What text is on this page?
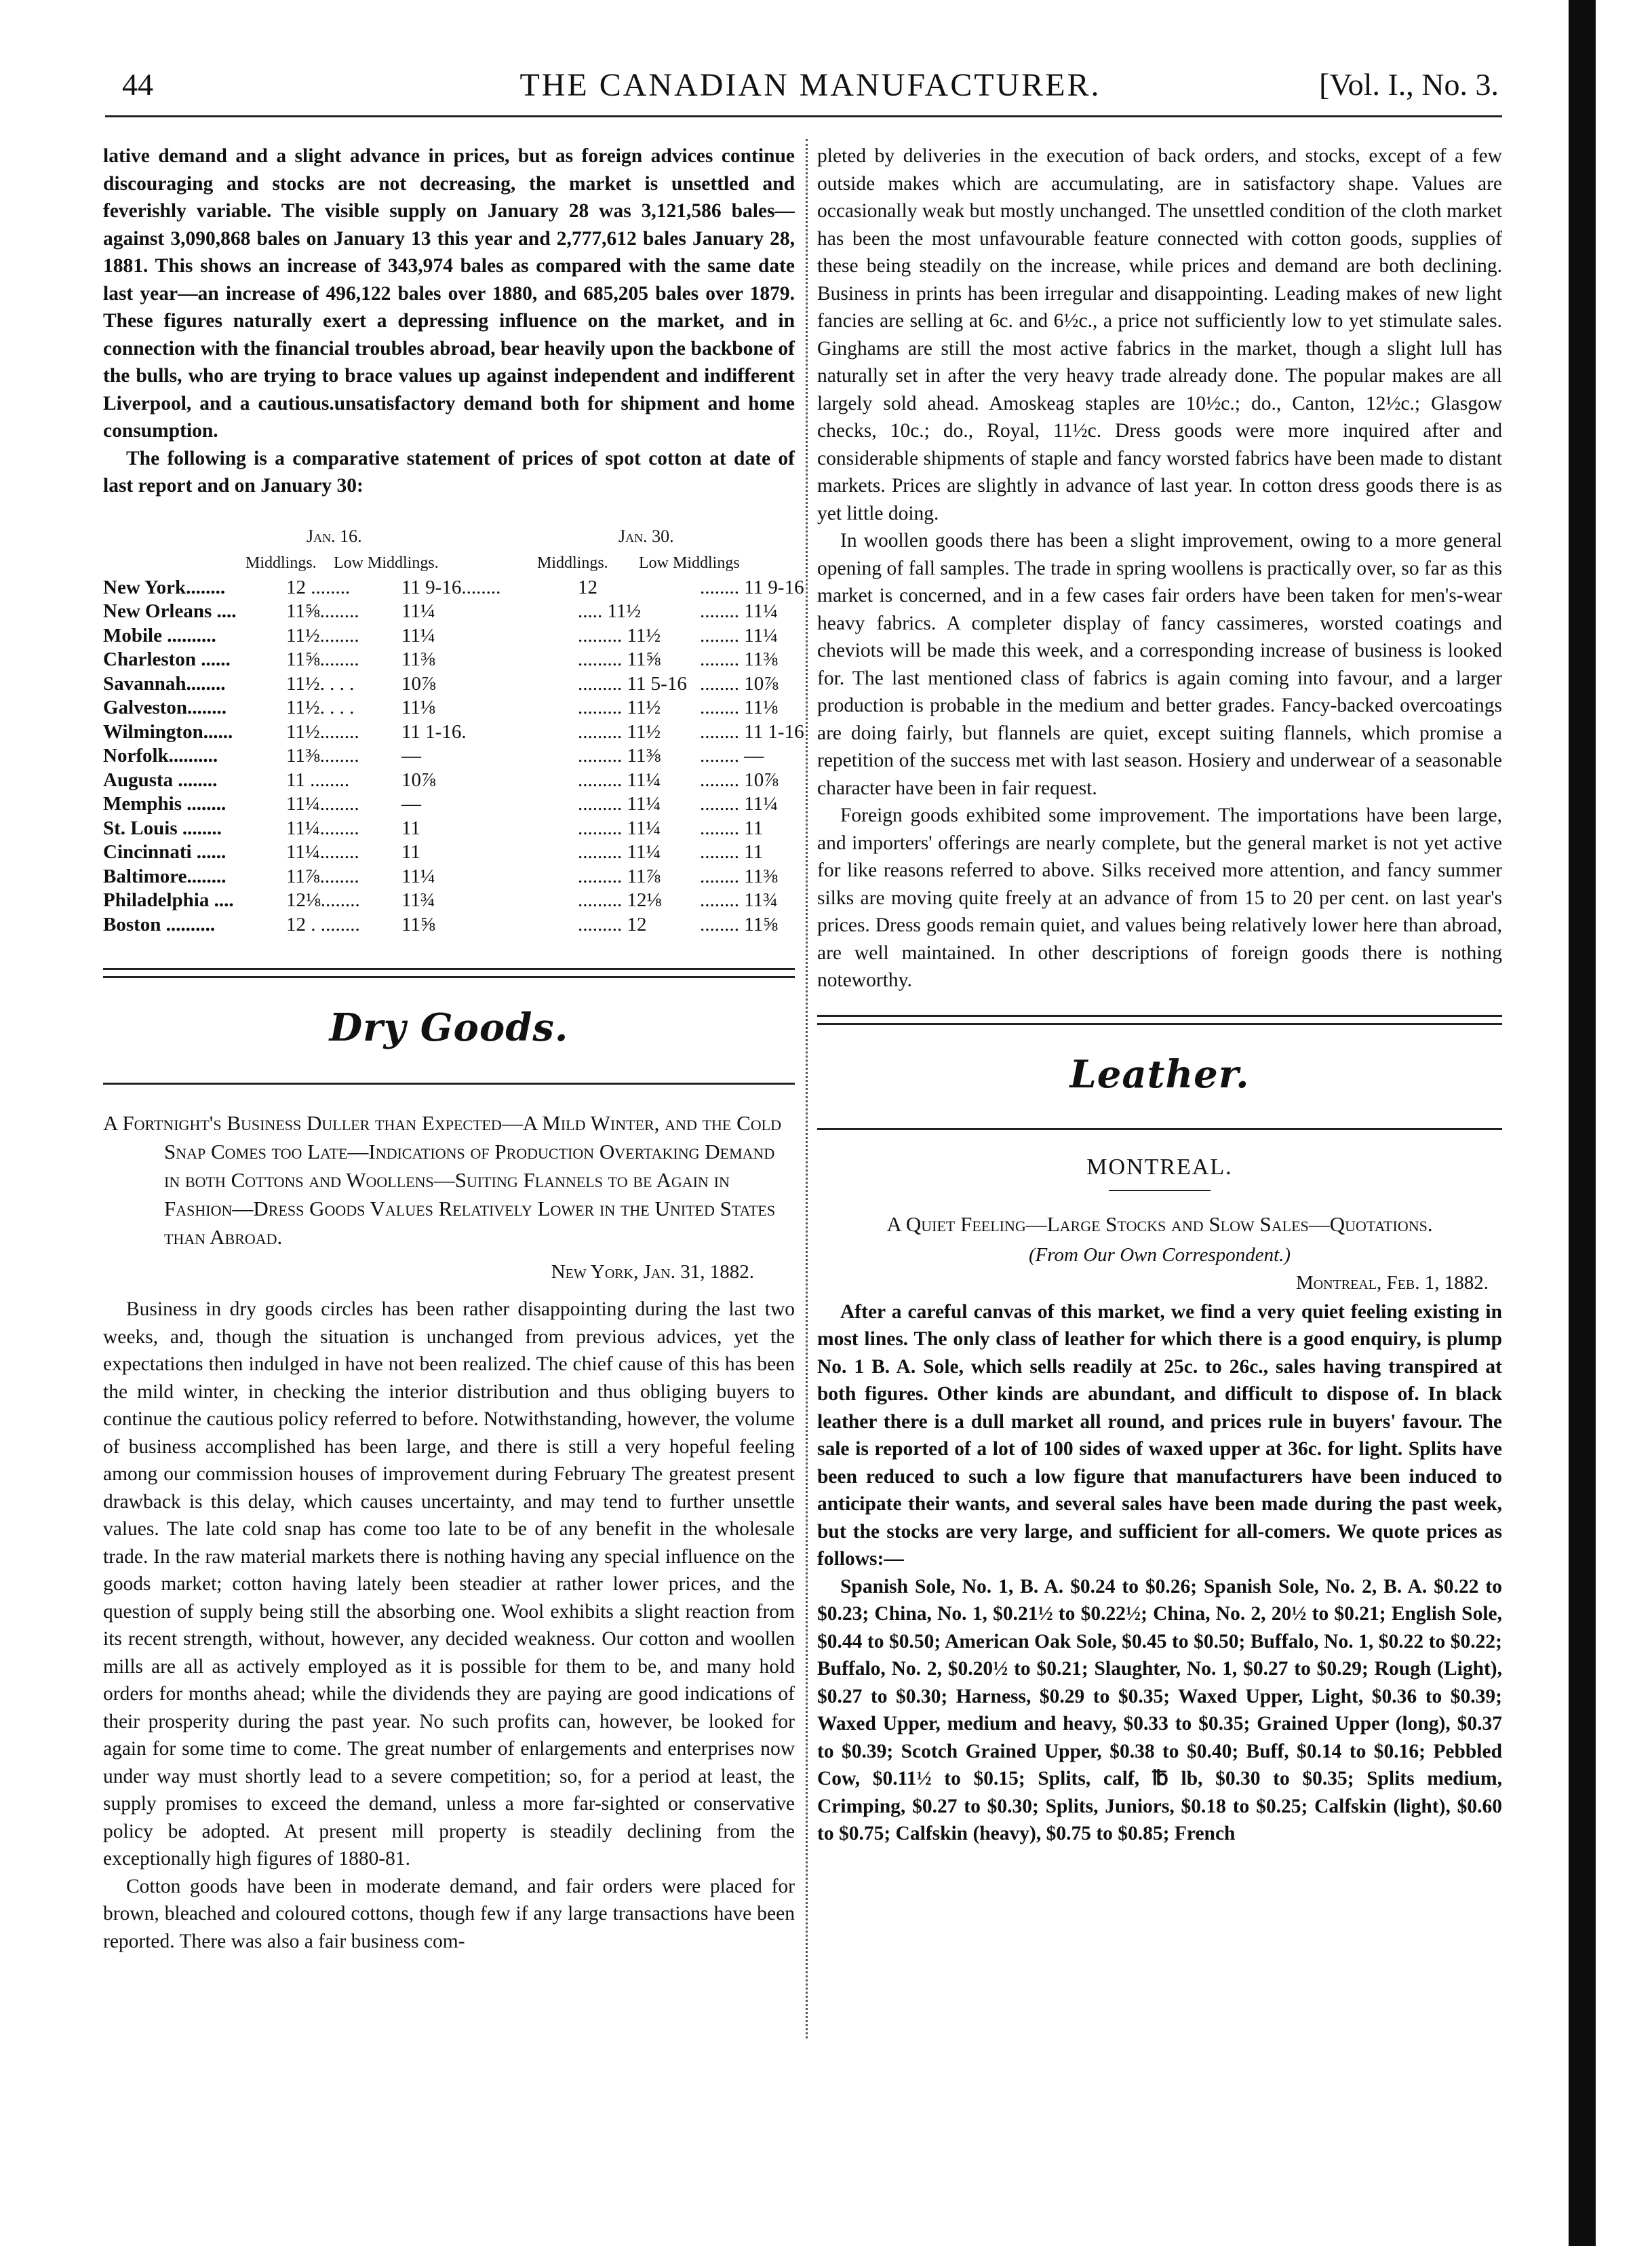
44	THE CANADIAN MANUFACTURER.	[Vol. I., No. 3.

lative demand and a slight advance in prices, but as foreign advices continue discouraging and stocks are not decreasing, the market is unsettled and feverishly variable. The visible supply on January 28 was 3,121,586 bales—against 3,090,868 bales on January 13 this year and 2,777,612 bales January 28, 1881. This shows an increase of 343,974 bales as compared with the same date last year—an increase of 496,122 bales over 1880, and 685,205 bales over 1879. These figures naturally exert a depressing influence on the market, and in connection with the financial troubles abroad, bear heavily upon the backbone of the bulls, who are trying to brace values up against independent and indifferent Liverpool, and a cautious.unsatisfactory demand both for shipment and home consumption.

The following is a comparative statement of prices of spot cotton at date of last report and on January 30:

Jan. 16.	Jan. 30.
Middlings. Low Middlings.	Middlings. Low Middlings
New York........	12 ........	11 9-16........	12	........ 11 9-16
New Orleans ....	11⅝........ 11¼	..... 11½	........ 11¼
Mobile ..........	11½........ 11¼	......... 11½ ........ 11¼
Charleston ......	11⅝........ 11⅜	......... 11⅝ ........ 11⅜
Savannah........	11½. . . . 10⅞	......... 11 5-16 ........ 10⅞
Galveston........	11½. . . . 11⅛	......... 11½ ........ 11⅛
Wilmington......	11½........ 11 1-16.	......... 11½ ........ 11 1-16
Norfolk..........	11⅜........ —	......... 11⅜ ........ —
Augusta ........	11 ........	10⅞	......... 11¼ ........ 10⅞
Memphis ........	11¼........ —	......... 11¼ ........ 11¼
St. Louis ........	11¼........ 11	......... 11¼ ........ 11
Cincinnati ......	11¼........ 11	......... 11¼ ........ 11
Baltimore........	11⅞........ 11¼	......... 11⅞ ........ 11⅜
Philadelphia ....	12⅛........ 11¾	......... 12⅛ ........ 11¾
Boston ..........	12 . ........ 11⅝	......... 12	........ 11⅝
Dry Goods.
A Fortnight's Business Duller than Expected—A Mild Winter, and the Cold Snap Comes too Late—Indications of Production Overtaking Demand in both Cottons and Woollens—Suiting Flannels to be Again in Fashion—Dress Goods Values Relatively Lower in the United States than Abroad.
New York, Jan. 31, 1882.

Business in dry goods circles has been rather disappointing during the last two weeks, and, though the situation is unchanged from previous advices, yet the expectations then indulged in have not been realized. The chief cause of this has been the mild winter, in checking the interior distribution and thus obliging buyers to continue the cautious policy referred to before. Notwithstanding, however, the volume of business accomplished has been large, and there is still a very hopeful feeling among our commission houses of improvement during February The greatest present drawback is this delay, which causes uncertainty, and may tend to further unsettle values. The late cold snap has come too late to be of any benefit in the wholesale trade. In the raw material markets there is nothing having any special influence on the goods market; cotton having lately been steadier at rather lower prices, and the question of supply being still the absorbing one. Wool exhibits a slight reaction from its recent strength, without, however, any decided weakness. Our cotton and woollen mills are all as actively employed as it is possible for them to be, and many hold orders for months ahead; while the dividends they are paying are good indications of their prosperity during the past year. No such profits can, however, be looked for again for some time to come. The great number of enlargements and enterprises now under way must shortly lead to a severe competition; so, for a period at least, the supply promises to exceed the demand, unless a more far-sighted or conservative policy be adopted. At present mill property is steadily declining from the exceptionally high figures of 1880-81.

Cotton goods have been in moderate demand, and fair orders were placed for brown, bleached and coloured cottons, though few if any large transactions have been reported. There was also a fair business com-

pleted by deliveries in the execution of back orders, and stocks, except of a few outside makes which are accumulating, are in satisfactory shape. Values are occasionally weak but mostly unchanged. The unsettled condition of the cloth market has been the most unfavourable feature connected with cotton goods, supplies of these being steadily on the increase, while prices and demand are both declining. Business in prints has been irregular and disappointing. Leading makes of new light fancies are selling at 6c. and 6½c., a price not sufficiently low to yet stimulate sales. Ginghams are still the most active fabrics in the market, though a slight lull has naturally set in after the very heavy trade already done. The popular makes are all largely sold ahead. Amoskeag staples are 10½c.; do., Canton, 12½c.; Glasgow checks, 10c.; do., Royal, 11½c. Dress goods were more inquired after and considerable shipments of staple and fancy worsted fabrics have been made to distant markets. Prices are slightly in advance of last year. In cotton dress goods there is as yet little doing.

In woollen goods there has been a slight improvement, owing to a more general opening of fall samples. The trade in spring woollens is practically over, so far as this market is concerned, and in a few cases fair orders have been taken for men's-wear heavy fabrics. A completer display of fancy cassimeres, worsted coatings and cheviots will be made this week, and a corresponding increase of business is looked for. The last mentioned class of fabrics is again coming into favour, and a larger production is probable in the medium and better grades. Fancy-backed overcoatings are doing fairly, but flannels are quiet, except suiting flannels, which promise a repetition of the success met with last season. Hosiery and underwear of a seasonable character have been in fair request.

Foreign goods exhibited some improvement. The importations have been large, and importers' offerings are nearly complete, but the general market is not yet active for like reasons referred to above. Silks received more attention, and fancy summer silks are moving quite freely at an advance of from 15 to 20 per cent. on last year's prices. Dress goods remain quiet, and values being relatively lower here than abroad, are well maintained. In other descriptions of foreign goods there is nothing noteworthy.

Leather.
MONTREAL.
A Quiet Feeling—Large Stocks and Slow Sales—Quotations.
(From Our Own Correspondent.)
Montreal, Feb. 1, 1882.

After a careful canvas of this market, we find a very quiet feeling existing in most lines. The only class of leather for which there is a good enquiry, is plump No. 1 B. A. Sole, which sells readily at 25c. to 26c., sales having transpired at both figures. Other kinds are abundant, and difficult to dispose of. In black leather there is a dull market all round, and prices rule in buyers' favour. The sale is reported of a lot of 100 sides of waxed upper at 36c. for light. Splits have been reduced to such a low figure that manufacturers have been induced to anticipate their wants, and several sales have been made during the past week, but the stocks are very large, and sufficient for all-comers. We quote prices as follows:—

Spanish Sole, No. 1, B. A. $0.24 to $0.26; Spanish Sole, No. 2, B. A. $0.22 to $0.23; China, No. 1, $0.21½ to $0.22½; China, No. 2, 20½ to $0.21; English Sole, $0.44 to $0.50; American Oak Sole, $0.45 to $0.50; Buffalo, No. 1, $0.22 to $0.22; Buffalo, No. 2, $0.20½ to $0.21; Slaughter, No. 1, $0.27 to $0.29; Rough (Light), $0.27 to $0.30; Harness, $0.29 to $0.35; Waxed Upper, Light, $0.36 to $0.39; Waxed Upper, medium and heavy, $0.33 to $0.35; Grained Upper (long), $0.37 to $0.39; Scotch Grained Upper, $0.38 to $0.40; Buff, $0.14 to $0.16; Pebbled Cow, $0.11½ to $0.15; Splits, calf, ℔ lb, $0.30 to $0.35; Splits medium, Crimping, $0.27 to $0.30; Splits, Juniors, $0.18 to $0.25; Calfskin (light), $0.60 to $0.75; Calfskin (heavy), $0.75 to $0.85; French
